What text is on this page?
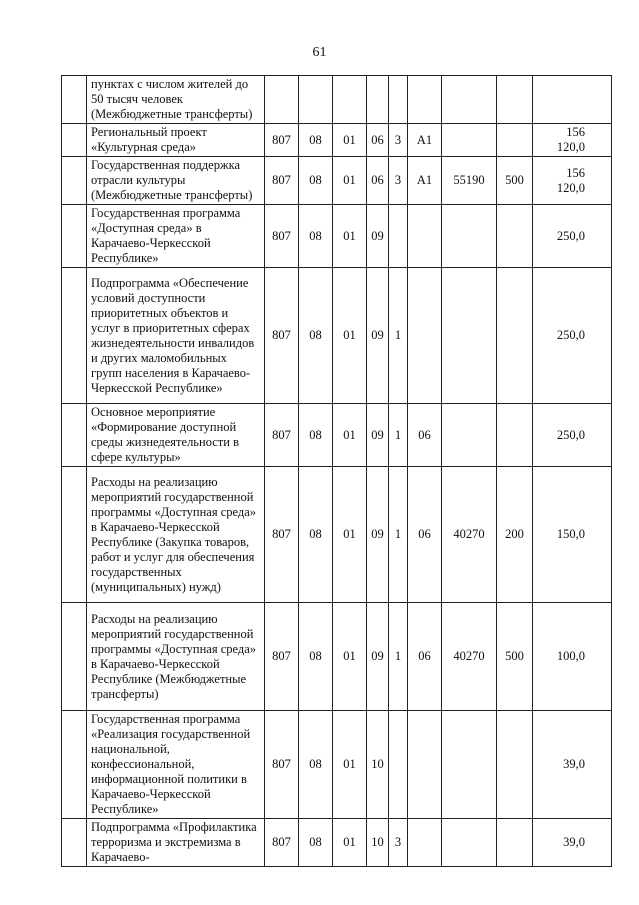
61
	пунктах с числом жителей до 50 тысяч человек (Межбюджетные трансферты)									
	Региональный проект «Культурная среда»	807	08	01	06	3	А1			156 120,0
	Государственная поддержка отрасли культуры (Межбюджетные трансферты)	807	08	01	06	3	А1	55190	500	156 120,0
	Государственная программа «Доступная среда» в Карачаево-Черкесской Республике»	807	08	01	09					250,0
	Подпрограмма «Обеспечение условий доступности приоритетных объектов и услуг в приоритетных сферах жизнедеятельности инвалидов и других маломобильных групп населения в Карачаево-Черкесской Республике»	807	08	01	09	1				250,0
	Основное мероприятие «Формирование доступной среды жизнедеятельности в сфере культуры»	807	08	01	09	1	06			250,0
	Расходы на реализацию мероприятий государственной программы «Доступная среда» в Карачаево-Черкесской Республике (Закупка товаров, работ и услуг для обеспечения государственных (муниципальных) нужд)	807	08	01	09	1	06	40270	200	150,0
	Расходы на реализацию мероприятий государственной программы «Доступная среда» в Карачаево-Черкесской Республике (Межбюджетные трансферты)	807	08	01	09	1	06	40270	500	100,0
	Государственная программа «Реализация государственной национальной, конфессиональной, информационной политики в Карачаево-Черкесской Республике»	807	08	01	10					39,0
	Подпрограмма «Профилактика терроризма и экстремизма в Карачаево-	807	08	01	10	3				39,0
